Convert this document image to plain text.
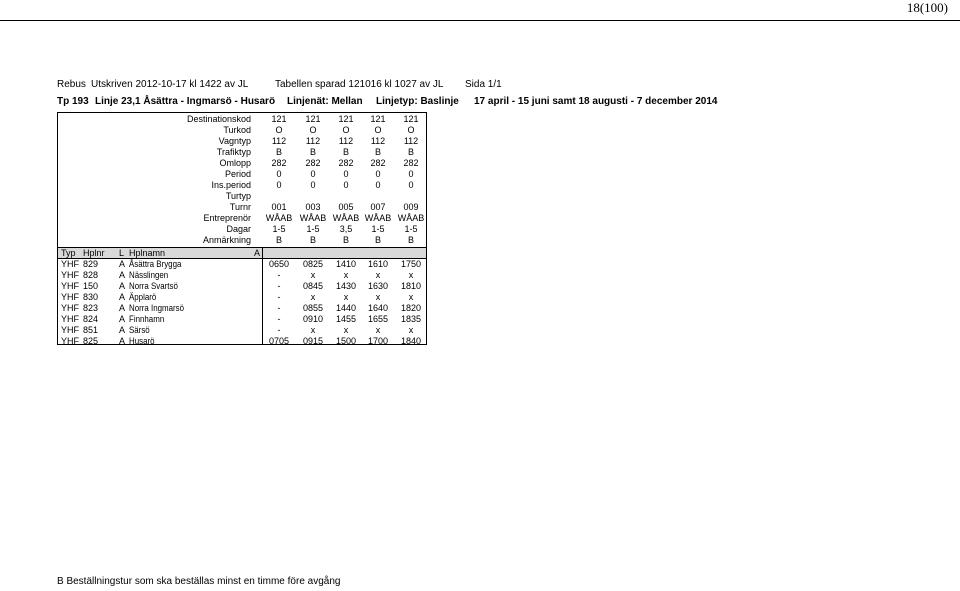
18(100)
Rebus Utskriven 2012-10-17 kl 1422 av JL	Tabellen sparad 121016 kl 1027 av JL Sida 1/1
Tp 193 Linje 23,1 Åsättra - Ingmarsö - Husarö Linjenät: Mellan Linjetyp: Baslinje 17 april - 15 juni samt 18 augusti - 7 december 2014
Destinationskod	121	121	121	121	121
Turkod	O	O	O	O	O
Vagntyp	112	112	112	112	112
Trafiktyp	B	B	B	B	B
Omlopp	282	282	282	282	282
Period	0	0	0	0	0
Ins.period	0	0	0	0	0
Turtyp
Turnr	001	003	005	007	009
Entreprenör	WÅAB WÅAB WÅAB WÅAB WÅAB
Dagar	1-5	1-5	3,5	1-5	1-5
Anmärkning	B	B	B	B	B
Typ Hplnr L Hplnamn	A
YHF 829 A Åsättra Brygga	0650	0825	1410	1610	1750
YHF 828 A Nässlingen	-	x	x	x	x
YHF 150 A Norra Svartsö	-	0845	1430	1630	1810
YHF 830 A Äpplarö	-	x	x	x	x
YHF 823 A Norra Ingmarsö	-	0855	1440	1640	1820
YHF 824 A Finnhamn	-	0910	1455	1655	1835
YHF 851 A Särsö	-	x	x	x	x
YHF 825 A Husarö	0705	0915	1500	1700	1840
B Beställningstur som ska beställas minst en timme före avgång
